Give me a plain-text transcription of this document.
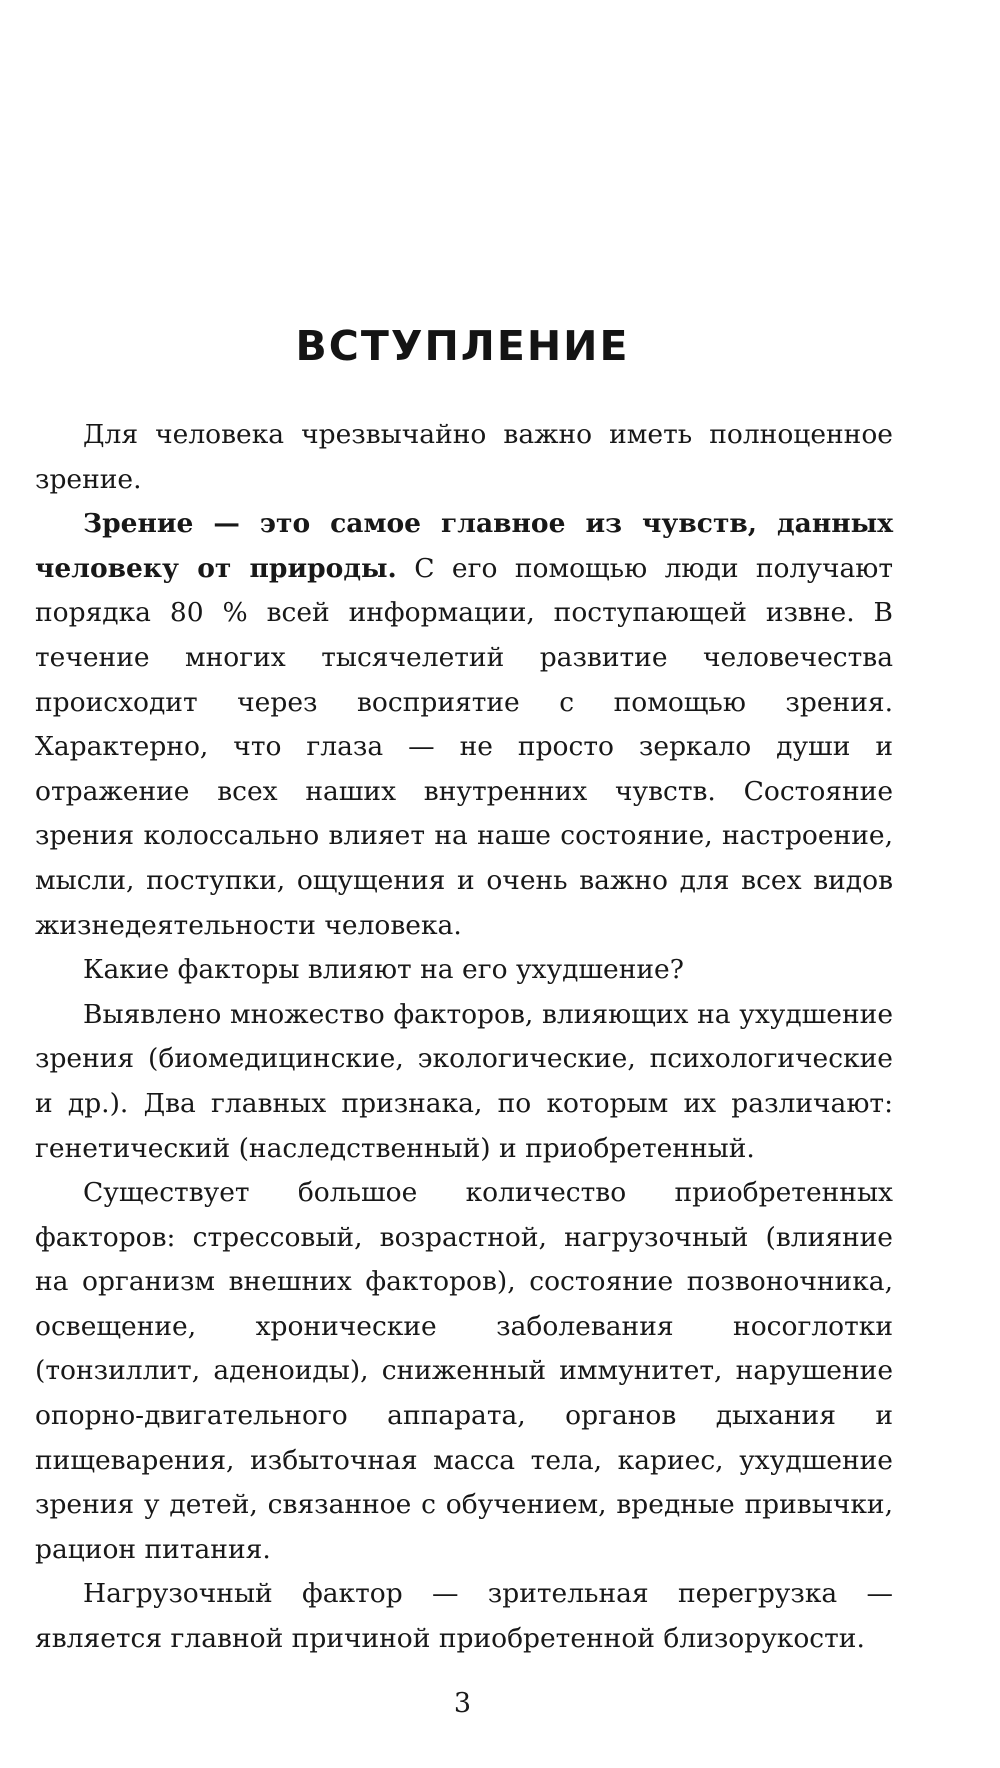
ВСТУПЛЕНИЕ

Для человека чрезвычайно важно иметь полноценное зрение.

Зрение — это самое главное из чувств, данных человеку от природы. С его помощью люди получают порядка 80 % всей информации, поступающей извне. В течение многих тысячелетий развитие человечества происходит через восприятие с помощью зрения. Характерно, что глаза — не просто зеркало души и отражение всех наших внутренних чувств. Состояние зрения колоссально влияет на наше состояние, настроение, мысли, поступки, ощущения и очень важно для всех видов жизнедеятельности человека.

Какие факторы влияют на его ухудшение?

Выявлено множество факторов, влияющих на ухудшение зрения (биомедицинские, экологические, психологические и др.). Два главных признака, по которым их различают: генетический (наследственный) и приобретенный.

Существует большое количество приобретенных факторов: стрессовый, возрастной, нагрузочный (влияние на организм внешних факторов), состояние позвоночника, освещение, хронические заболевания носоглотки (тонзиллит, аденоиды), сниженный иммунитет, нарушение опорно-двигательного аппарата, органов дыхания и пищеварения, избыточная масса тела, кариес, ухудшение зрения у детей, связанное с обучением, вредные привычки, рацион питания.

Нагрузочный фактор — зрительная перегрузка — является главной причиной приобретенной близорукости.

3
